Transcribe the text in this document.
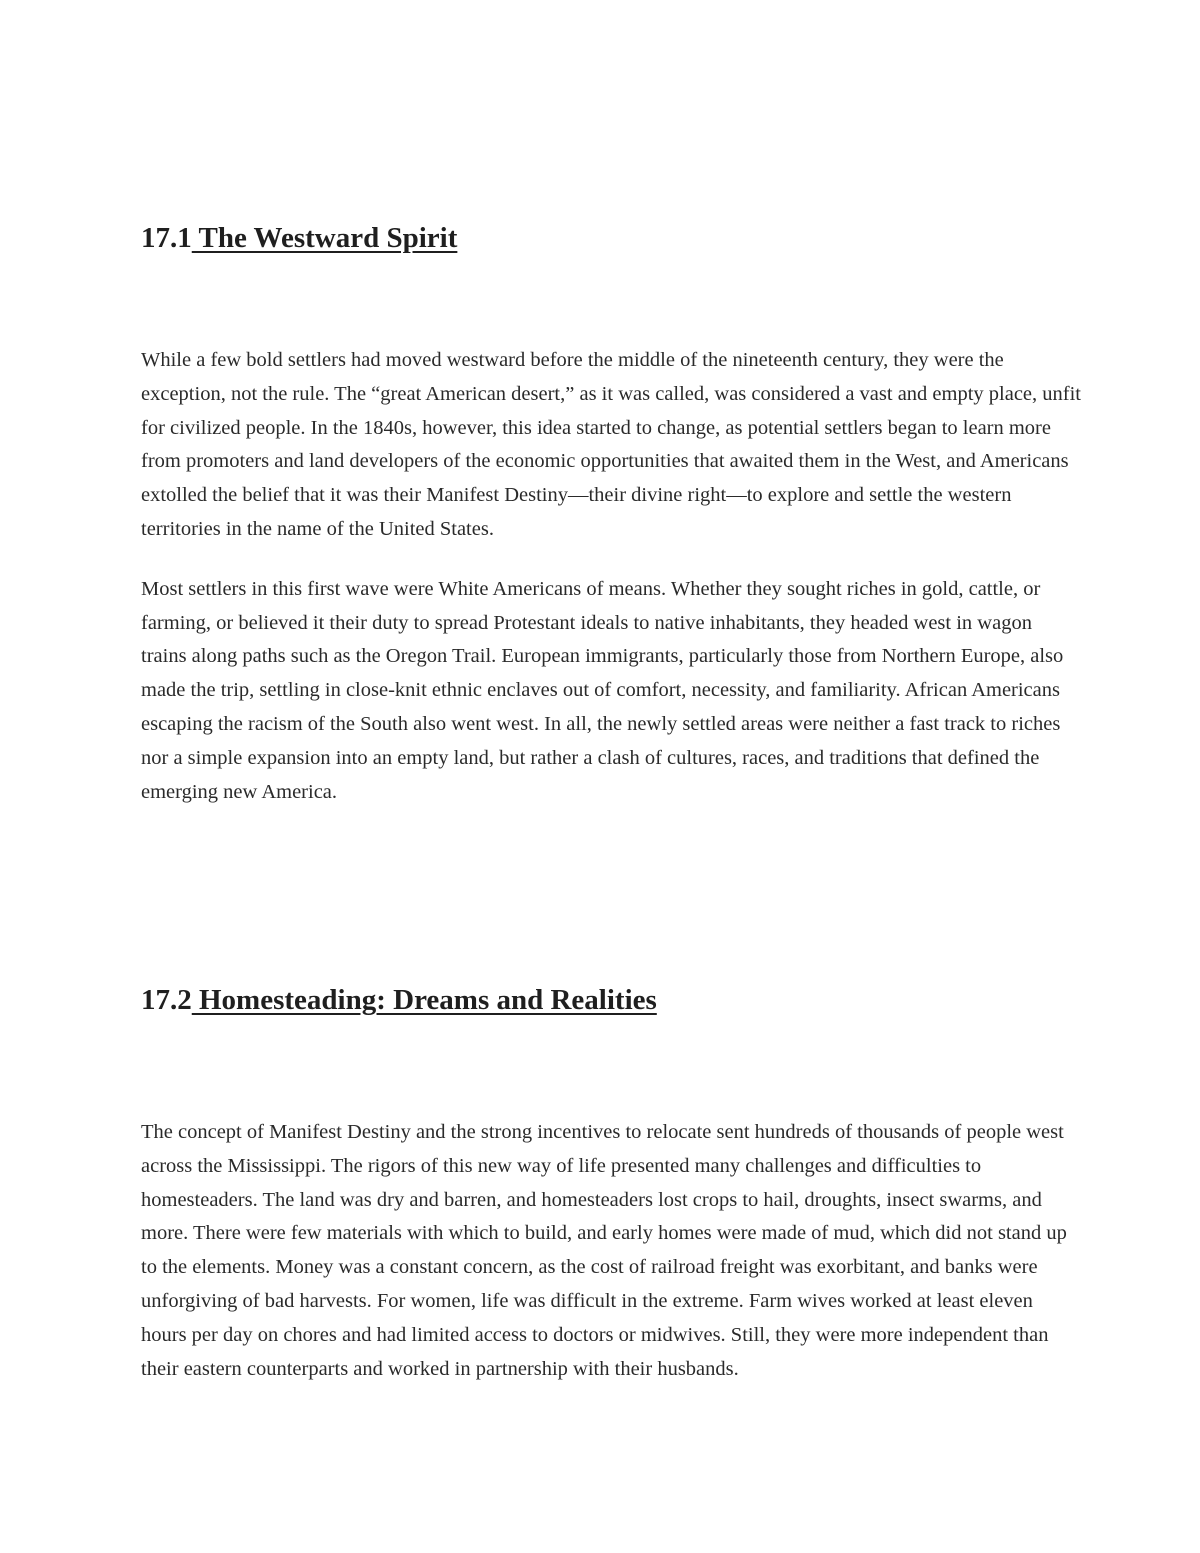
17.1 The Westward Spirit

While a few bold settlers had moved westward before the middle of the nineteenth century, they were the exception, not the rule. The “great American desert,” as it was called, was considered a vast and empty place, unfit for civilized people. In the 1840s, however, this idea started to change, as potential settlers began to learn more from promoters and land developers of the economic opportunities that awaited them in the West, and Americans extolled the belief that it was their Manifest Destiny—their divine right—to explore and settle the western territories in the name of the United States.

Most settlers in this first wave were White Americans of means. Whether they sought riches in gold, cattle, or farming, or believed it their duty to spread Protestant ideals to native inhabitants, they headed west in wagon trains along paths such as the Oregon Trail. European immigrants, particularly those from Northern Europe, also made the trip, settling in close-knit ethnic enclaves out of comfort, necessity, and familiarity. African Americans escaping the racism of the South also went west. In all, the newly settled areas were neither a fast track to riches nor a simple expansion into an empty land, but rather a clash of cultures, races, and traditions that defined the emerging new America.

17.2 Homesteading: Dreams and Realities

The concept of Manifest Destiny and the strong incentives to relocate sent hundreds of thousands of people west across the Mississippi. The rigors of this new way of life presented many challenges and difficulties to homesteaders. The land was dry and barren, and homesteaders lost crops to hail, droughts, insect swarms, and more. There were few materials with which to build, and early homes were made of mud, which did not stand up to the elements. Money was a constant concern, as the cost of railroad freight was exorbitant, and banks were unforgiving of bad harvests. For women, life was difficult in the extreme. Farm wives worked at least eleven hours per day on chores and had limited access to doctors or midwives. Still, they were more independent than their eastern counterparts and worked in partnership with their husbands.
